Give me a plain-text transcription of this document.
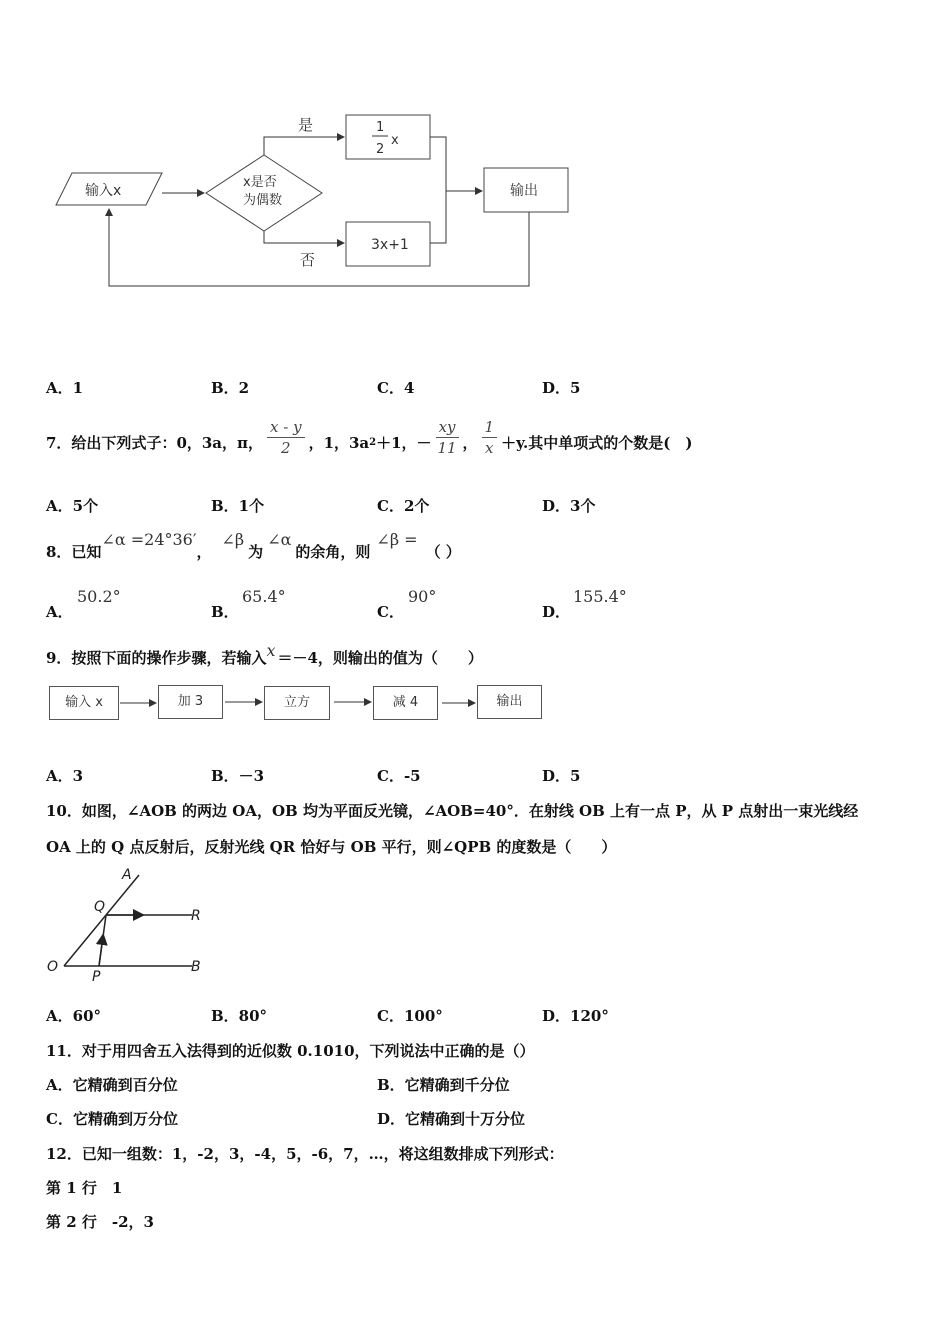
输入x
x是否
为偶数
是
否
1
2
x
3x+1
输出
A．1	B．2	C．4	D．5
7．给出下列式子：0，3a，π， $\frac{x - y}{2}$ ，1，3a 2 ＋1，－ $\frac{xy}{11}$ ， $\frac{1}{x} +y$.其中单项式的个数是(　)
A．5个	B．1个	C．2个	D．3个
8．已知
∠α =24°36′
，
∠β
为
∠α
的余角，则
∠β =
（ ）
A．
50.2°
B．
65.4°
C．
90°
D．
155.4°
9．按照下面的操作步骤，若输入 x ＝－4，则输出的值为（　　）
输入 x	加 3	立方	减 4	输出
A．3	B．－3	C．-5	D．5
10．如图，∠AOB 的两边 OA，OB 均为平面反光镜，∠AOB=40°．在射线 OB 上有一点 P，从 P 点射出一束光线经
OA 上的 Q 点反射后，反射光线 QR 恰好与 OB 平行，则∠QPB 的度数是（　　）
A
Q
R
O
P
B
A．60°	B．80°	C．100°	D．120°
11．对于用四舍五入法得到的近似数 0.1010，下列说法中正确的是（）
A．它精确到百分位	B．它精确到千分位
C．它精确到万分位	D．它精确到十万分位
12．已知一组数：1，-2，3，-4，5，-6，7，…，将这组数排成下列形式：
第 1 行　1
第 2 行　-2，3
